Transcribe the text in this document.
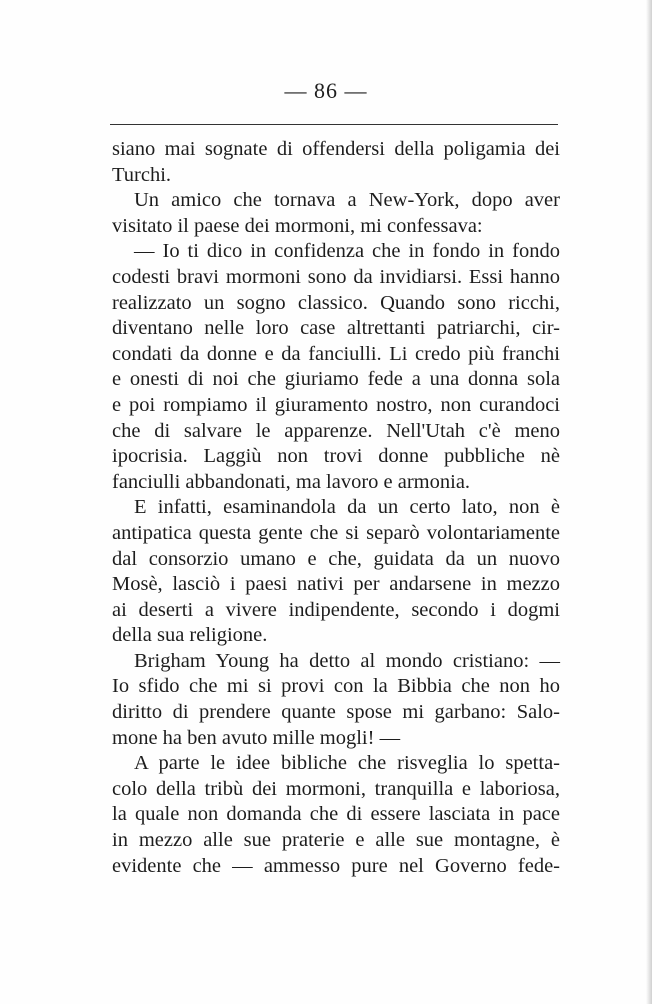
— 86 —
siano mai sognate di offendersi della poligamia dei
Turchi.
Un amico che tornava a New-York, dopo aver
visitato il paese dei mormoni, mi confessava:
— Io ti dico in confidenza che in fondo in fondo
codesti bravi mormoni sono da invidiarsi. Essi hanno
realizzato un sogno classico. Quando sono ricchi,
diventano nelle loro case altrettanti patriarchi, cir-
condati da donne e da fanciulli. Li credo più franchi
e onesti di noi che giuriamo fede a una donna sola
e poi rompiamo il giuramento nostro, non curandoci
che di salvare le apparenze. Nell'Utah c'è meno
ipocrisia. Laggiù non trovi donne pubbliche nè
fanciulli abbandonati, ma lavoro e armonia.
E infatti, esaminandola da un certo lato, non è
antipatica questa gente che si separò volontariamente
dal consorzio umano e che, guidata da un nuovo
Mosè, lasciò i paesi nativi per andarsene in mezzo
ai deserti a vivere indipendente, secondo i dogmi
della sua religione.
Brigham Young ha detto al mondo cristiano: —
Io sfido che mi si provi con la Bibbia che non ho
diritto di prendere quante spose mi garbano: Salo-
mone ha ben avuto mille mogli! —
A parte le idee bibliche che risveglia lo spetta-
colo della tribù dei mormoni, tranquilla e laboriosa,
la quale non domanda che di essere lasciata in pace
in mezzo alle sue praterie e alle sue montagne, è
evidente che — ammesso pure nel Governo fede-
